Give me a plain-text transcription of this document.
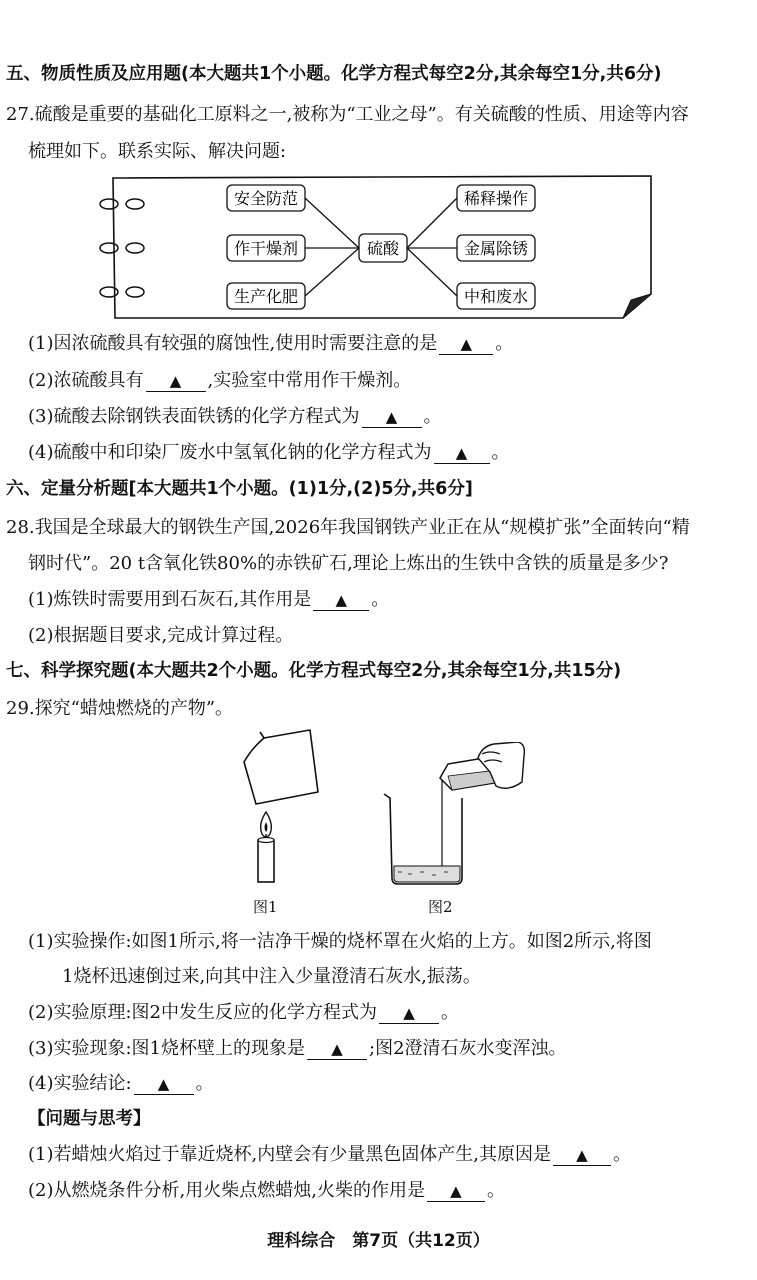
五、物质性质及应用题(本大题共1个小题。化学方程式每空2分,其余每空1分,共6分)
27.硫酸是重要的基础化工原料之一,被称为“工业之母”。有关硫酸的性质、用途等内容
梳理如下。联系实际、解决问题:
安全防范
作干燥剂
生产化肥
硫酸
稀释操作
金属除锈
中和废水
(1)因浓硫酸具有较强的腐蚀性,使用时需要注意的是 ▲ 。
(2)浓硫酸具有 ▲ ,实验室中常用作干燥剂。
(3)硫酸去除钢铁表面铁锈的化学方程式为 ▲ 。
(4)硫酸中和印染厂废水中氢氧化钠的化学方程式为 ▲ 。
六、定量分析题[本大题共1个小题。(1)1分,(2)5分,共6分]
28.我国是全球最大的钢铁生产国,2026年我国钢铁产业正在从“规模扩张”全面转向“精
钢时代”。20 t含氧化铁80%的赤铁矿石,理论上炼出的生铁中含铁的质量是多少?
(1)炼铁时需要用到石灰石,其作用是 ▲ 。
(2)根据题目要求,完成计算过程。
七、科学探究题(本大题共2个小题。化学方程式每空2分,其余每空1分,共15分)
29.探究“蜡烛燃烧的产物”。
图1	图2
(1)实验操作:如图1所示,将一洁净干燥的烧杯罩在火焰的上方。如图2所示,将图
1烧杯迅速倒过来,向其中注入少量澄清石灰水,振荡。
(2)实验原理:图2中发生反应的化学方程式为 ▲ 。
(3)实验现象:图1烧杯壁上的现象是 ▲ ;图2澄清石灰水变浑浊。
(4)实验结论: ▲ 。
【问题与思考】
(1)若蜡烛火焰过于靠近烧杯,内壁会有少量黑色固体产生,其原因是 ▲ 。
(2)从燃烧条件分析,用火柴点燃蜡烛,火柴的作用是 ▲ 。
理科综合　第7页（共12页）
